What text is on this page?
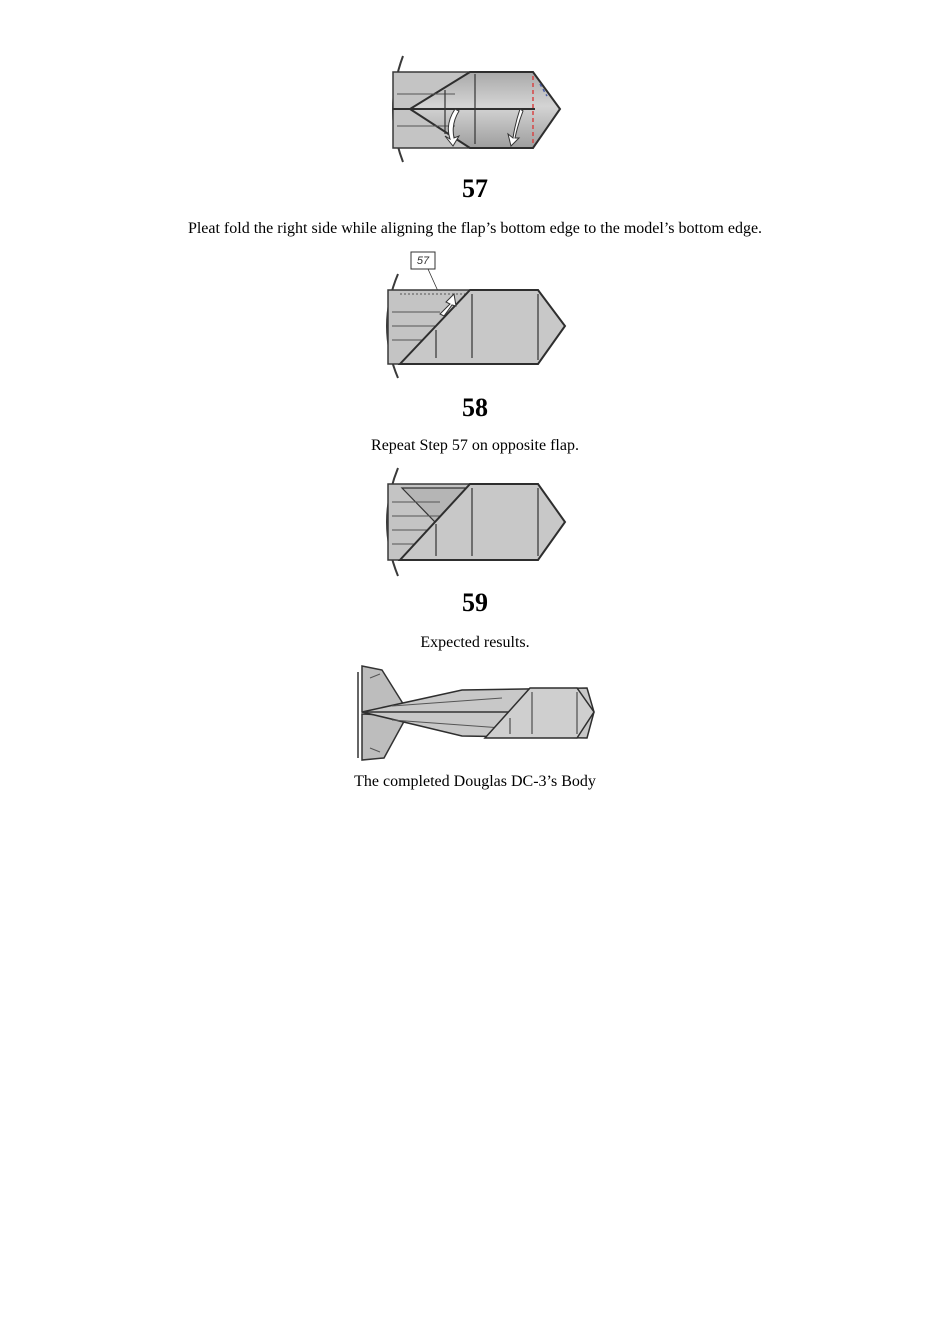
57
Pleat fold the right side while aligning the flap’s bottom edge to the model’s bottom edge.
57
58
Repeat Step 57 on opposite flap.
59
Expected results.
The completed Douglas DC-3’s Body
